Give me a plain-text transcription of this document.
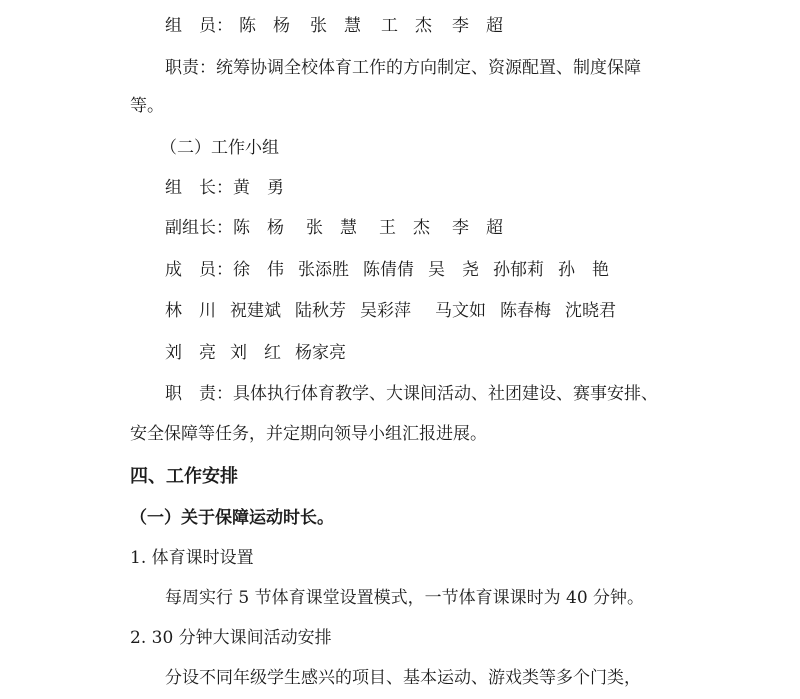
组　员： 陈　杨 张　慧 工　杰 李　超
职责：统筹协调全校体育工作的方向制定、资源配置、制度保障
等。
（二）工作小组
组　长：黄　勇
副组长：陈　杨 张　慧 王　杰 李　超
成　员：徐　伟 张添胜 陈倩倩 吴　尧 孙郁莉 孙　艳
林　川 祝建斌 陆秋芳 吴彩萍 马文如 陈春梅 沈晓君
刘　亮 刘　红 杨家亮
职　责：具体执行体育教学、大课间活动、社团建设、赛事安排、
安全保障等任务，并定期向领导小组汇报进展。
四、工作安排
（一）关于保障运动时长。
1. 体育课时设置
每周实行 5 节体育课堂设置模式，一节体育课课时为 40 分钟。
2. 30 分钟大课间活动安排
分设不同年级学生感兴的项目、基本运动、游戏类等多个门类，
